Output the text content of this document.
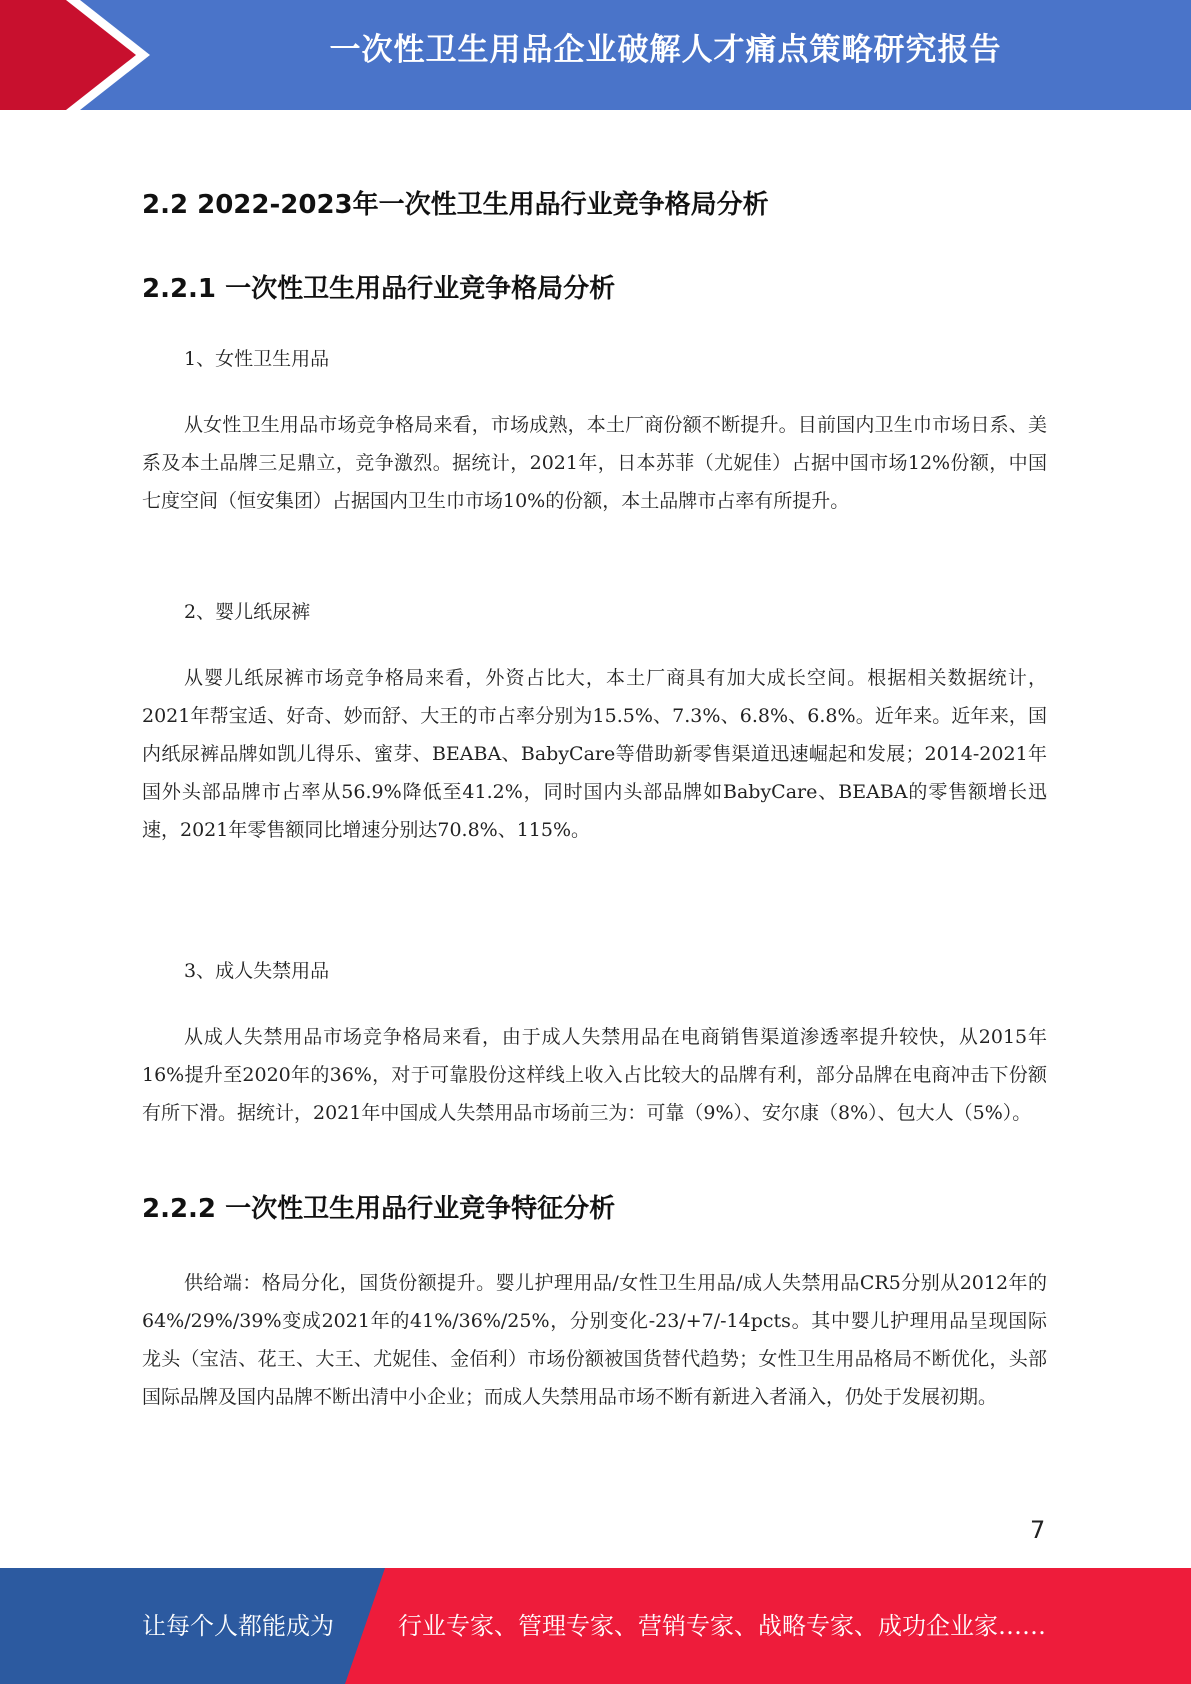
一次性卫生用品企业破解人才痛点策略研究报告
2.2 2022-2023年一次性卫生用品行业竞争格局分析
2.2.1 一次性卫生用品行业竞争格局分析
1、女性卫生用品

从女性卫生用品市场竞争格局来看，市场成熟，本土厂商份额不断提升。目前国内卫生巾市场日系、美系及本土品牌三足鼎立，竞争激烈。据统计，2021年，日本苏菲（尤妮佳）占据中国市场12%份额，中国七度空间（恒安集团）占据国内卫生巾市场10%的份额，本土品牌市占率有所提升。

2、婴儿纸尿裤

从婴儿纸尿裤市场竞争格局来看，外资占比大，本土厂商具有加大成长空间。根据相关数据统计，2021年帮宝适、好奇、妙而舒、大王的市占率分别为15.5%、7.3%、6.8%、6.8%。近年来。近年来，国内纸尿裤品牌如凯儿得乐、蜜芽、BEABA、BabyCare等借助新零售渠道迅速崛起和发展；2014-2021年国外头部品牌市占率从56.9%降低至41.2%，同时国内头部品牌如BabyCare、BEABA的零售额增长迅速，2021年零售额同比增速分别达70.8%、115%。

3、成人失禁用品

从成人失禁用品市场竞争格局来看，由于成人失禁用品在电商销售渠道渗透率提升较快，从2015年16%提升至2020年的36%，对于可靠股份这样线上收入占比较大的品牌有利，部分品牌在电商冲击下份额有所下滑。据统计，2021年中国成人失禁用品市场前三为：可靠（9%）、安尔康（8%）、包大人（5%）。

2.2.2 一次性卫生用品行业竞争特征分析

供给端：格局分化，国货份额提升。婴儿护理用品/女性卫生用品/成人失禁用品CR5分别从2012年的64%/29%/39%变成2021年的41%/36%/25%，分别变化-23/+7/-14pcts。其中婴儿护理用品呈现国际龙头（宝洁、花王、大王、尤妮佳、金佰利）市场份额被国货替代趋势；女性卫生用品格局不断优化，头部国际品牌及国内品牌不断出清中小企业；而成人失禁用品市场不断有新进入者涌入，仍处于发展初期。

7
让每个人都能成为	行业专家、管理专家、营销专家、战略专家、成功企业家……
